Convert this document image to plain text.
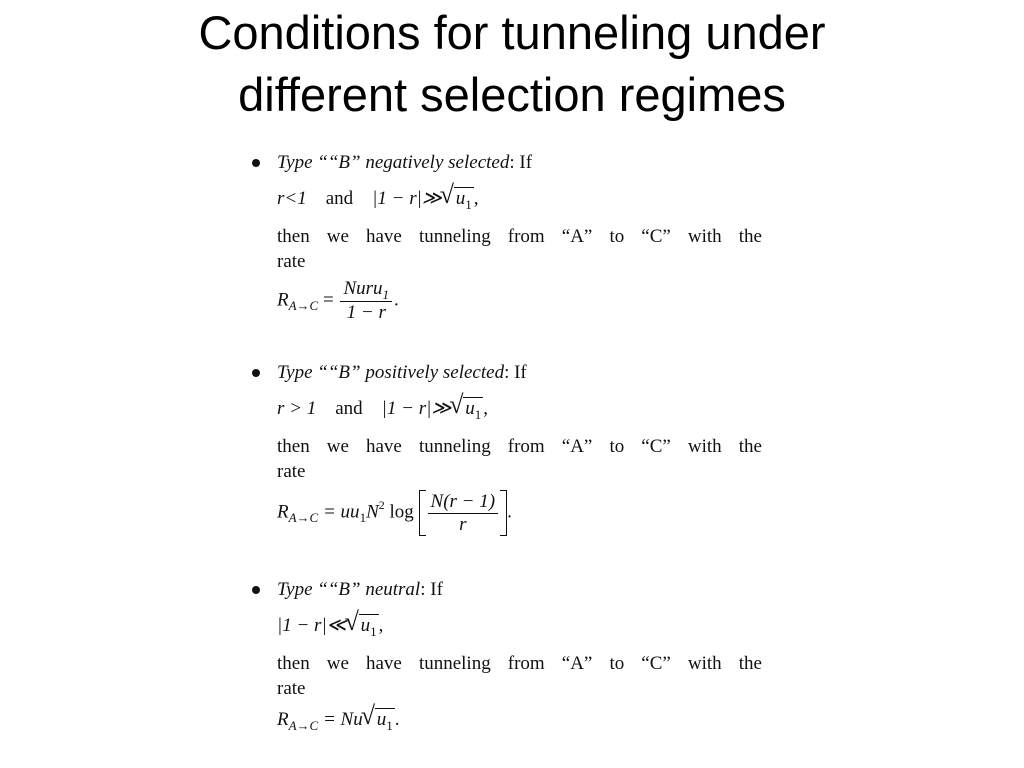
Conditions for tunneling under
different selection regimes
Type ““B” negatively selected: If
r<1 and |1 − r|≫√ $u_1$ ,
then we have tunneling from “A” to “C” with the
rate
$R_{A\to C} = \frac{Nuru_1}{1 - r}$ .
Type ““B” positively selected: If
r > 1 and |1 − r|≫√ $u_1$ ,
then we have tunneling from “A” to “C” with the
rate
$R_{A\to C} = uu_1N^2$ $\log \frac{N(r - 1)}{r}$ .
Type ““B” neutral: If
|1 − r|≪√ $u_1$ ,
then we have tunneling from “A” to “C” with the
rate
$R_{A\to C} = Nu√$ $u_1$ .
